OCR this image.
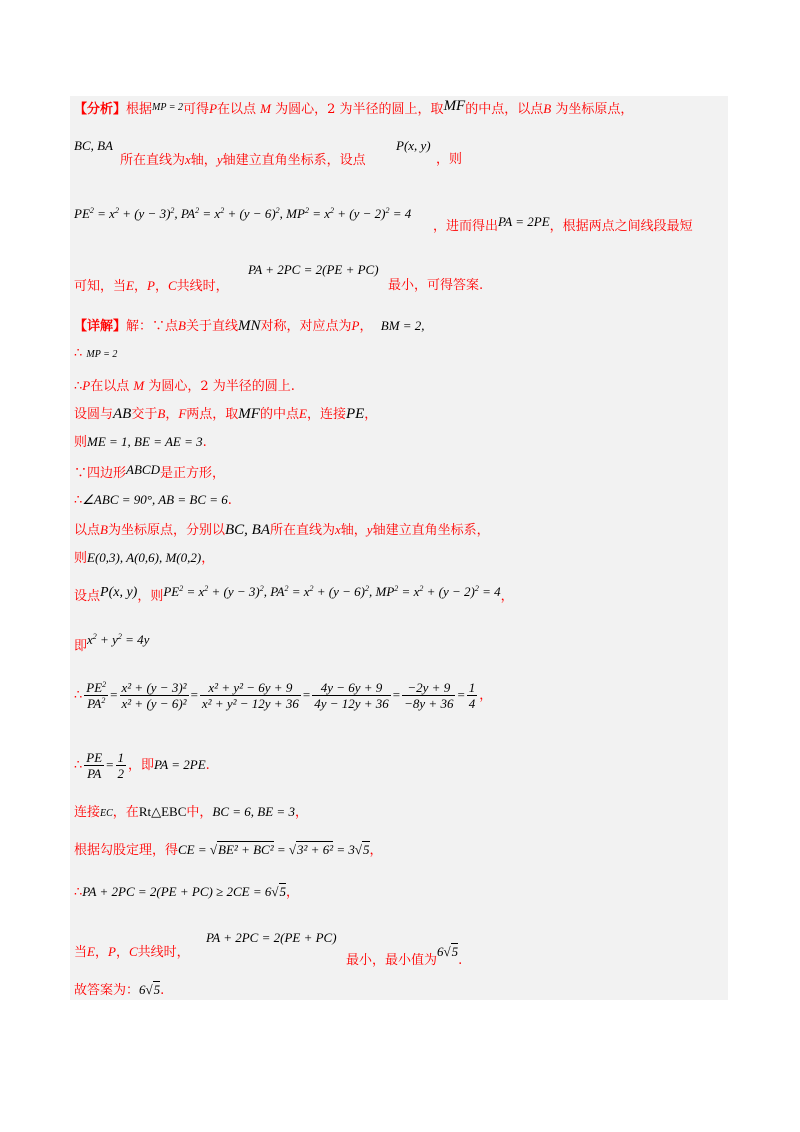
【分析】根据$^{MP = 2}$可得P在以点 M 为圆心，2 为半径的圆上，取MF的中点，以点B 为坐标原点，
BC, BA
所在直线为x轴，y轴建立直角坐标系，设点
P(x, y)
，则
$PE^2 = x^2 + (y - 3)^2$, $PA^2 = x^2 + (y - 6)^2$, $MP^2 = x^2 + (y - 2)^2 = 4$
，进而得出PA = 2PE，根据两点之间线段最短
PA + 2PC = 2(PE + PC)
可知，当E，P，C共线时，	最小，可得答案.
【详解】解：∵点B关于直线MN对称，对应点为P， BM = 2,
∴ MP = 2
∴P在以点 M 为圆心，2 为半径的圆上.
设圆与AB交于B，F两点，取MF的中点E，连接PE，
则ME = 1, BE = AE = 3.
∵四边形ABCD是正方形，
∴∠ABC = 90°, AB = BC = 6.
以点B为坐标原点，分别以BC, BA所在直线为x轴，y轴建立直角坐标系，
则E(0,3), A(0,6), M(0,2)，
设点P(x, y)，则$PE^2 = x^2 + (y - 3)^2$, $PA^2 = x^2 + (y - 6)^2$, $MP^2 = x^2 + (y - 2)^2 = 4$，
即$x^2 + y^2 = 4y$
∴ $\frac{PE^2}{PA^2} = \frac{\text{x² + (y − 3)²}}{\text{x² + (y − 6)²}} = \frac{\text{x² + y² − 6y + 9}}{\text{x² + y² − 12y + 36}} = \frac{4y - 6y + 9}{4y - 12y + 36} = \frac{-2y + 9}{-8y + 36} = \frac{1}{4}$ ，
∴ $\frac{PE}{PA} = \frac{1}{2}$ ，即PA = 2PE.
连接EC，在Rt△EBC中，BC = 6, BE = 3，
根据勾股定理，得CE = √BE² + BC² = √3² + 6² = 3√5，
∴PA + 2PC = 2(PE + PC) ≥ 2CE = 6√5，
PA + 2PC = 2(PE + PC)
当E，P，C共线时，
最小，最小值为6√5.
故答案为：6√5.
